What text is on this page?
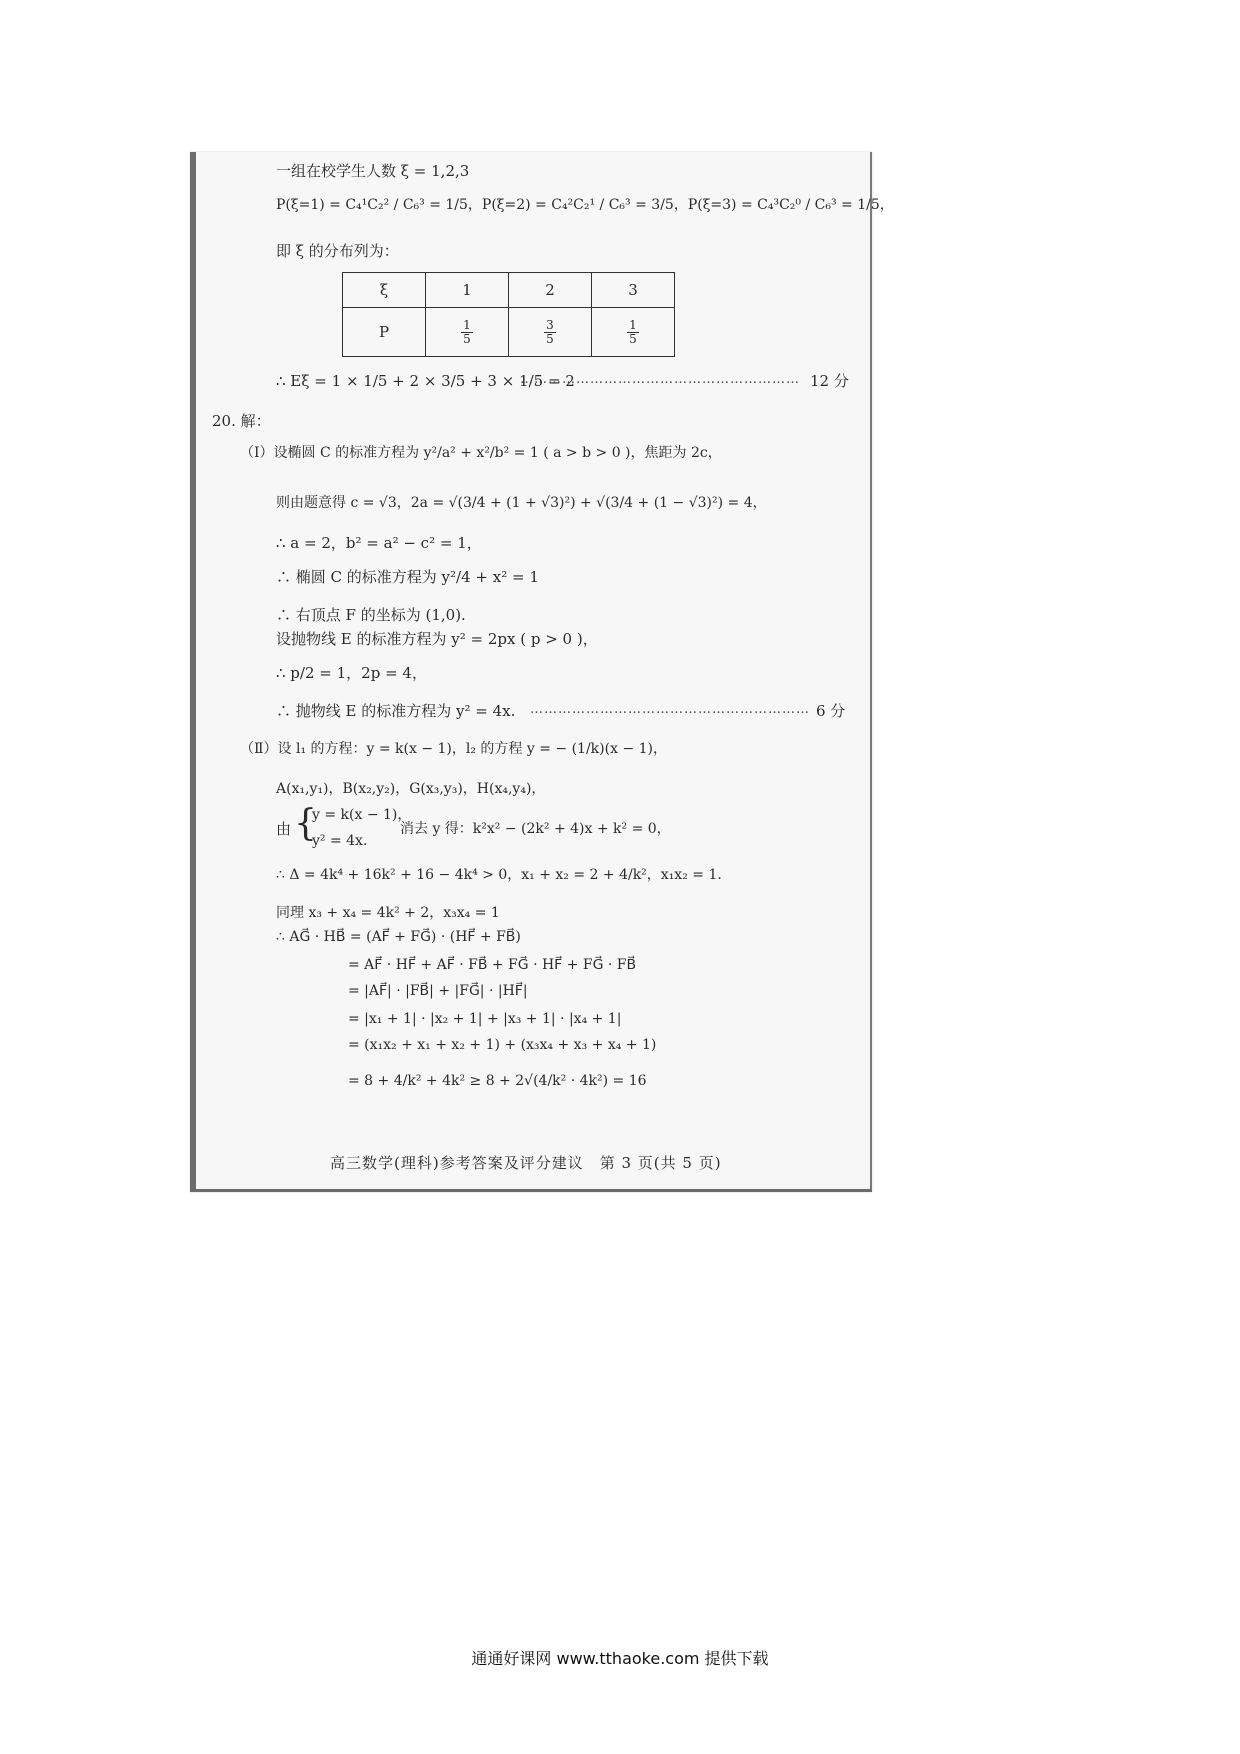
一组在校学生人数 ξ = 1,2,3
P(ξ=1) = C₄¹C₂² / C₆³ = 1/5，P(ξ=2) = C₄²C₂¹ / C₆³ = 3/5，P(ξ=3) = C₄³C₂⁰ / C₆³ = 1/5，
即 ξ 的分布列为：
ξ	1	2	3
P	$\frac{1}{5}$	$\frac{3}{5}$	$\frac{1}{5}$
∴ Eξ = 1 × 1/5 + 2 × 3/5 + 3 × 1/5 = 2
…………………………………………………… 12 分
20. 解：
（Ⅰ）设椭圆 C 的标准方程为 y²/a² + x²/b² = 1 ( a > b > 0 )，焦距为 2c，
则由题意得 c = √3，2a = √(3/4 + (1 + √3)²) + √(3/4 + (1 − √3)²) = 4，
∴ a = 2，b² = a² − c² = 1，
∴ 椭圆 C 的标准方程为 y²/4 + x² = 1
∴ 右顶点 F 的坐标为 (1,0).
设抛物线 E 的标准方程为 y² = 2px ( p > 0 )，
∴ p/2 = 1，2p = 4，
∴ 抛物线 E 的标准方程为 y² = 4x. …………………………………………………… 6 分
（Ⅱ）设 l₁ 的方程：y = k(x − 1)，l₂ 的方程 y = − (1/k)(x − 1)，
A(x₁,y₁)，B(x₂,y₂)，G(x₃,y₃)，H(x₄,y₄)，
由 {
y = k(x − 1)，
y² = 4x.
消去 y 得：k²x² − (2k² + 4)x + k² = 0，
∴ Δ = 4k⁴ + 16k² + 16 − 4k⁴ > 0，x₁ + x₂ = 2 + 4/k²，x₁x₂ = 1.
同理 x₃ + x₄ = 4k² + 2，x₃x₄ = 1
∴ AG⃗ · HB⃗ = (AF⃗ + FG⃗) · (HF⃗ + FB⃗)
= AF⃗ · HF⃗ + AF⃗ · FB⃗ + FG⃗ · HF⃗ + FG⃗ · FB⃗
= |AF⃗| · |FB⃗| + |FG⃗| · |HF⃗|
= |x₁ + 1| · |x₂ + 1| + |x₃ + 1| · |x₄ + 1|
= (x₁x₂ + x₁ + x₂ + 1) + (x₃x₄ + x₃ + x₄ + 1)
= 8 + 4/k² + 4k² ≥ 8 + 2√(4/k² · 4k²) = 16
高三数学(理科)参考答案及评分建议　第 3 页(共 5 页)
通通好课网 www.tthaoke.com 提供下载
